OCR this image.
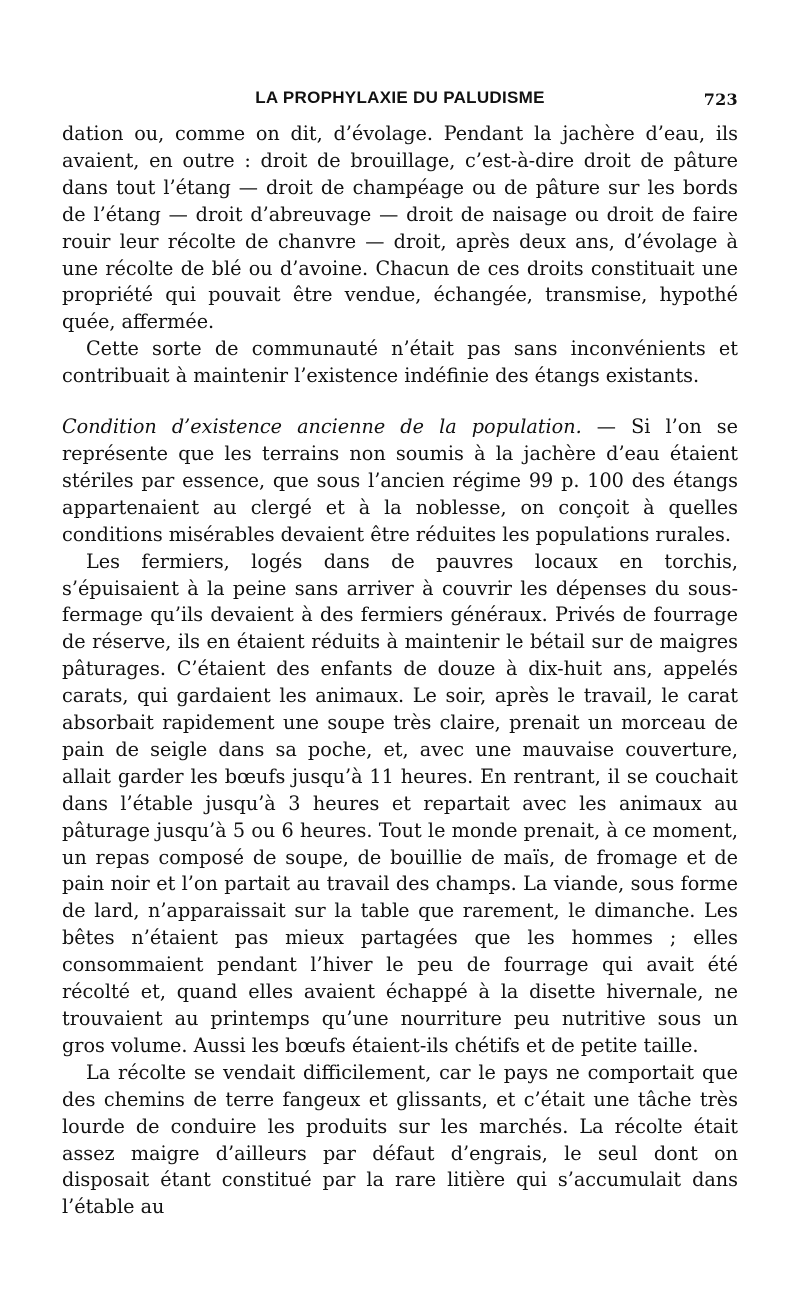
LA PROPHYLAXIE DU PALUDISME	723

dation ou, comme on dit, d’évolage. Pendant la jachère d’eau, ils avaient, en outre : droit de brouillage, c’est-à-dire droit de pâture dans tout l’étang — droit de champéage ou de pâture sur les bords de l’étang — droit d’abreuvage — droit de naisage ou droit de faire rouir leur récolte de chanvre — droit, après deux ans, d’évolage à une récolte de blé ou d’avoine. Chacun de ces droits constituait une propriété qui pouvait être vendue, échangée, transmise, hypothé quée, affermée.

Cette sorte de communauté n’était pas sans inconvénients et contribuait à maintenir l’existence indéfinie des étangs existants.

Condition d’existence ancienne de la population. — Si l’on se représente que les terrains non soumis à la jachère d’eau étaient stériles par essence, que sous l’ancien régime 99 p. 100 des étangs appartenaient au clergé et à la noblesse, on conçoit à quelles conditions misérables devaient être réduites les populations rurales.

Les fermiers, logés dans de pauvres locaux en torchis, s’épuisaient à la peine sans arriver à couvrir les dépenses du sous-fermage qu’ils devaient à des fermiers généraux. Privés de fourrage de réserve, ils en étaient réduits à maintenir le bétail sur de maigres pâturages. C’étaient des enfants de douze à dix-huit ans, appelés carats, qui gardaient les animaux. Le soir, après le travail, le carat absorbait rapidement une soupe très claire, prenait un morceau de pain de seigle dans sa poche, et, avec une mauvaise couverture, allait garder les bœufs jusqu’à 11 heures. En rentrant, il se couchait dans l’étable jusqu’à 3 heures et repartait avec les animaux au pâturage jusqu’à 5 ou 6 heures. Tout le monde prenait, à ce moment, un repas composé de soupe, de bouillie de maïs, de fromage et de pain noir et l’on partait au travail des champs. La viande, sous forme de lard, n’apparaissait sur la table que rarement, le dimanche. Les bêtes n’étaient pas mieux partagées que les hommes ; elles consommaient pendant l’hiver le peu de fourrage qui avait été récolté et, quand elles avaient échappé à la disette hivernale, ne trouvaient au printemps qu’une nourriture peu nutritive sous un gros volume. Aussi les bœufs étaient-ils chétifs et de petite taille.

La récolte se vendait difficilement, car le pays ne comportait que des chemins de terre fangeux et glissants, et c’était une tâche très lourde de conduire les produits sur les marchés. La récolte était assez maigre d’ailleurs par défaut d’engrais, le seul dont on disposait étant constitué par la rare litière qui s’accumulait dans l’étable au
